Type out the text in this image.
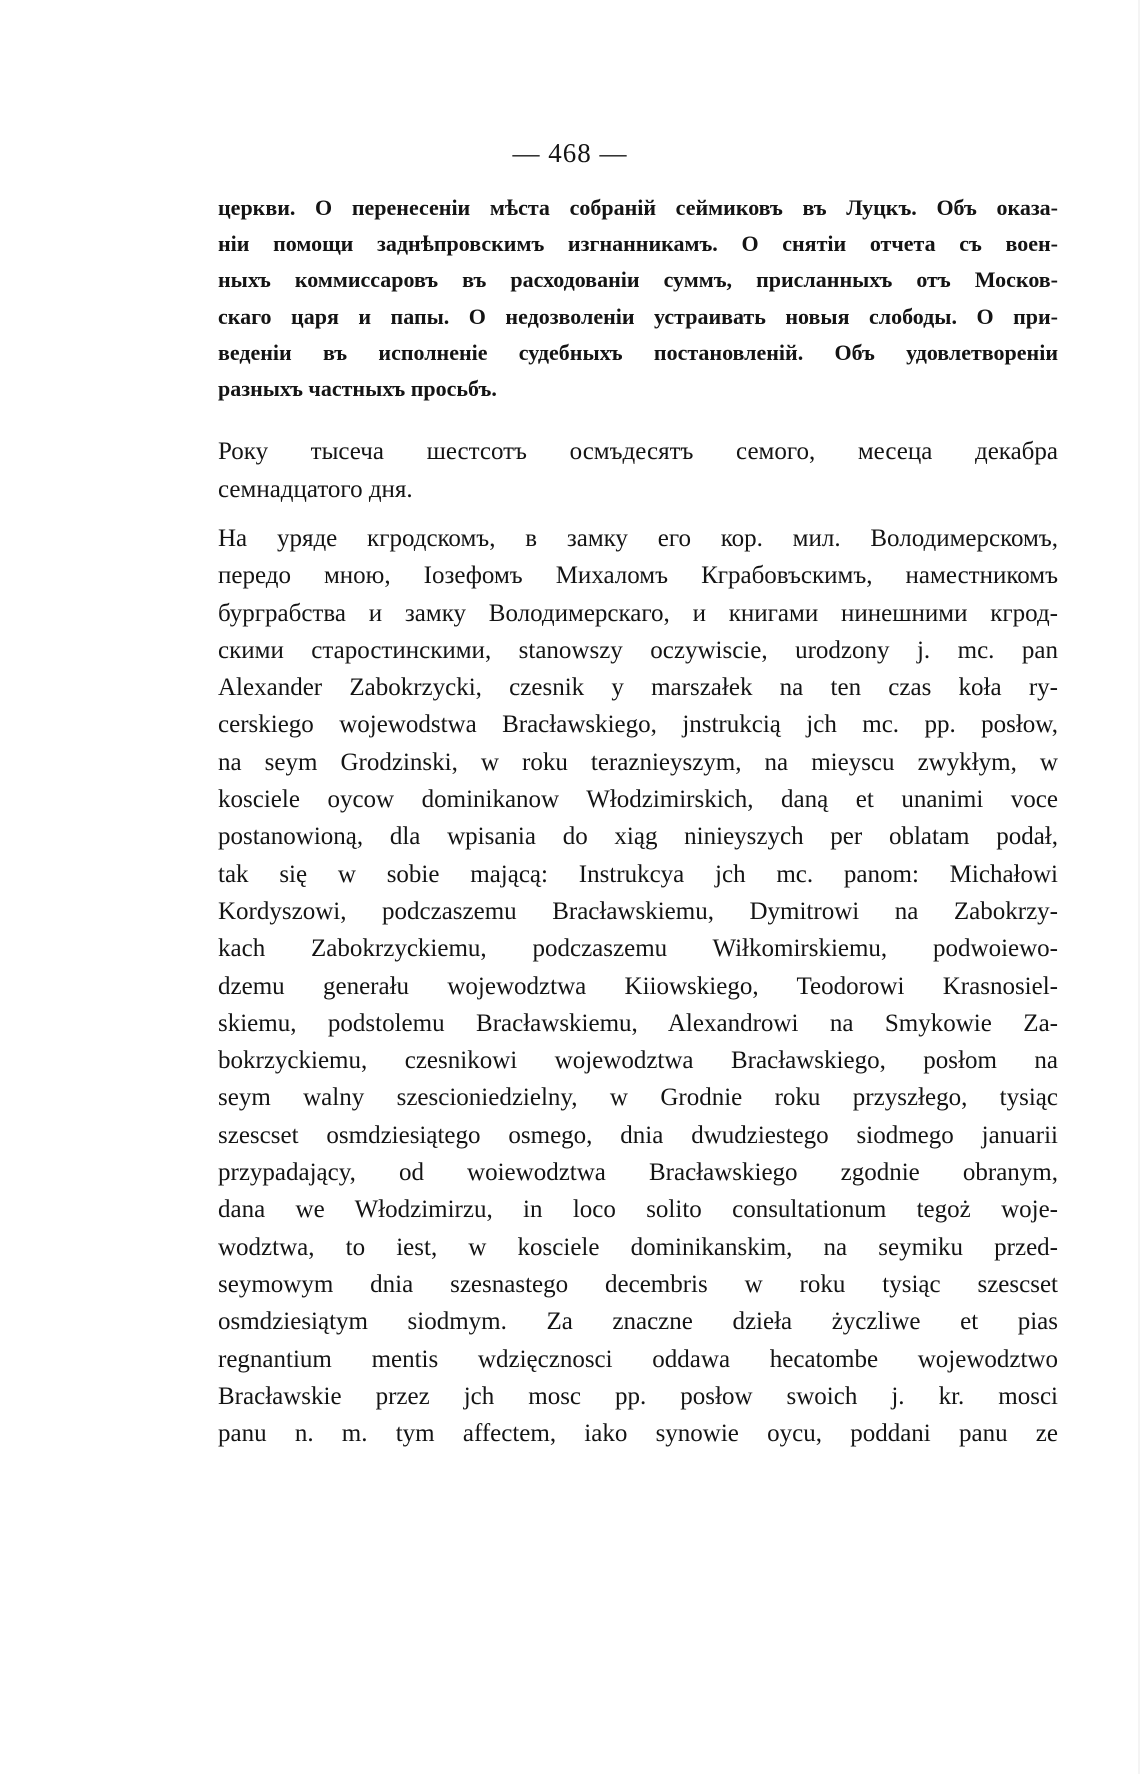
— 468 —
церкви. О перенесеніи мѣста собраній сеймиковъ въ Луцкъ. Объ оказа-
ніи помощи заднѣпровскимъ изгнанникамъ. О снятіи отчета съ воен-
ныхъ коммиссаровъ въ расходованіи суммъ, присланныхъ отъ Москов-
скаго царя и папы. О недозволеніи устраивать новыя слободы. О при-
веденіи въ исполненіе судебныхъ постановленій. Объ удовлетвореніи
разныхъ частныхъ просьбъ.
Року тысеча шестсотъ осмъдесятъ семого, месеца декабра
семнадцатого дня.
На урядe кгродскомъ, в замку его кор. мил. Володимерскомъ,
передо мною, Іозефомъ Михаломъ Кграбовъскимъ, наместникомъ
бурграбства и замку Володимерскаго, и книгами нинешними кгрод-
скими старостинскими, stanowszy oczywiscie, urodzony j. mc. pan
Alexander Zabokrzycki, czesnik y marszałek na ten czas koła ry-
cerskiego wojewodstwa Bracławskiego, jnstrukcią jch mc. pp. posłow,
na seym Grodzinski, w roku teraznieyszym, na mieyscu zwykłym, w
kosciele oycow dominikanow Włodzimirskich, daną et unanimi voce
postanowioną, dla wpisania do xiąg ninieyszych per oblatam podał,
tak się w sobie mającą: Instrukcya jch mc. panom: Michałowi
Kordyszowi, podczaszemu Bracławskiemu, Dymitrowi na Zabokrzy-
kach Zabokrzyckiemu, podczaszemu Wiłkomirskiemu, podwoiewo-
dzemu generału wojewodztwa Kiiowskiego, Teodorowi Krasnosiel-
skiemu, podstolemu Bracławskiemu, Alexandrowi na Smykowie Za-
bokrzyckiemu, czesnikowi wojewodztwa Bracławskiego, posłom na
seym walny szescioniedzielny, w Grodnie roku przyszłego, tysiąc
szescset osmdziesiątego osmego, dnia dwudziestego siodmego januarii
przypadający, od woiewodztwa Bracławskiego zgodnie obranym,
dana we Włodzimirzu, in loco solito consultationum tegoż woje-
wodztwa, to iest, w kosciele dominikanskim, na seymiku przed-
seymowym dnia szesnastego decembris w roku tysiąc szescset
osmdziesiątym siodmym. Za znaczne dzieła życzliwe et pias
regnantium mentis wdzięcznosci oddawa hecatombe wojewodztwo
Bracławskie przez jch mosc pp. posłow swoich j. kr. mosci
panu n. m. tym affectem, iako synowie oycu, poddani panu ze
